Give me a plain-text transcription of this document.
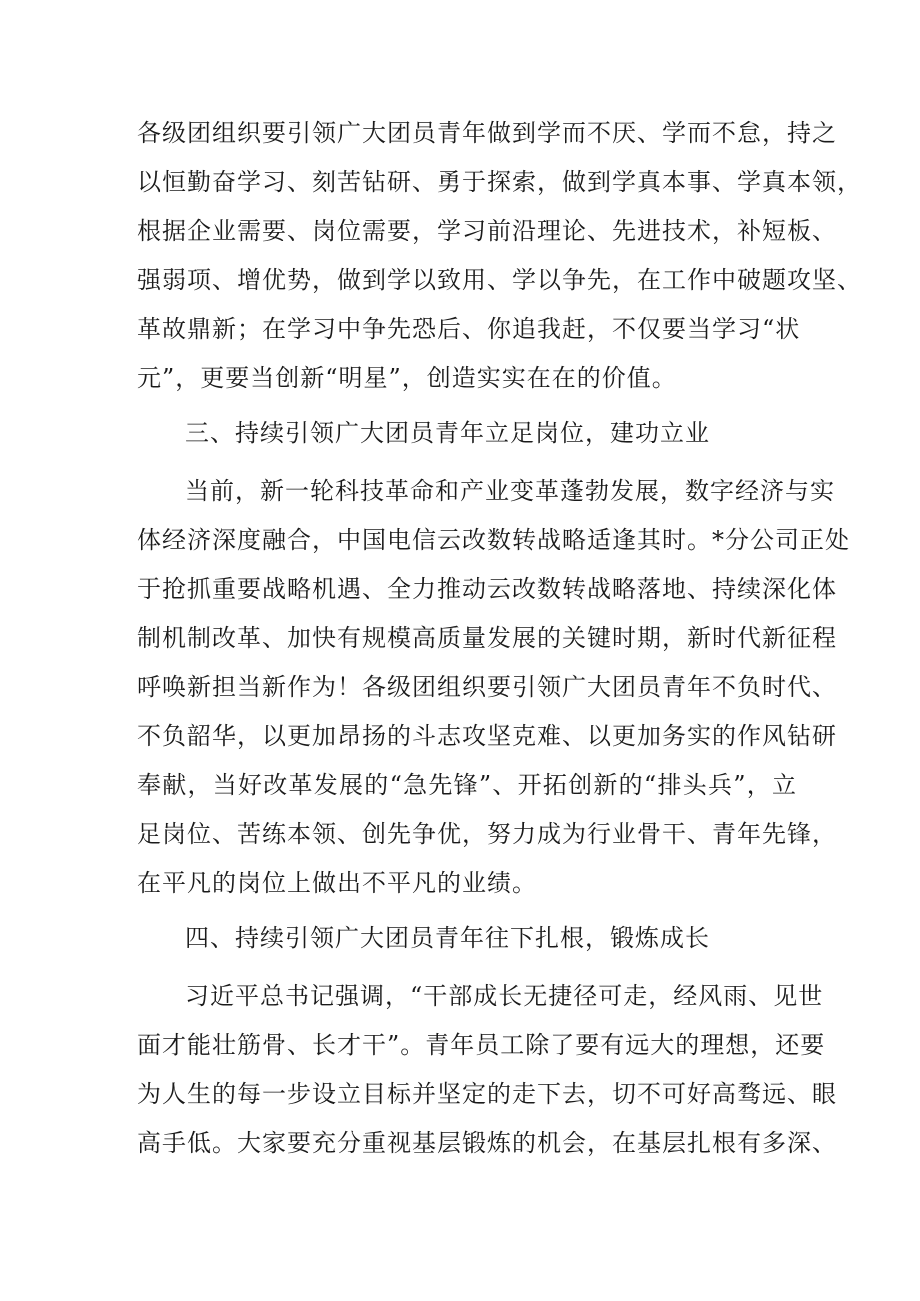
各级团组织要引领广大团员青年做到学而不厌、学而不怠，持之

以恒勤奋学习、刻苦钻研、勇于探索，做到学真本事、学真本领，

根据企业需要、岗位需要，学习前沿理论、先进技术，补短板、

强弱项、增优势，做到学以致用、学以争先，在工作中破题攻坚、

革故鼎新；在学习中争先恐后、你追我赶，不仅要当学习“状

元”，更要当创新“明星”，创造实实在在的价值。

三、持续引领广大团员青年立足岗位，建功立业

当前，新一轮科技革命和产业变革蓬勃发展，数字经济与实

体经济深度融合，中国电信云改数转战略适逢其时。*分公司正处

于抢抓重要战略机遇、全力推动云改数转战略落地、持续深化体

制机制改革、加快有规模高质量发展的关键时期，新时代新征程

呼唤新担当新作为！各级团组织要引领广大团员青年不负时代、

不负韶华，以更加昂扬的斗志攻坚克难、以更加务实的作风钻研

奉献，当好改革发展的“急先锋”、开拓创新的“排头兵”，立

足岗位、苦练本领、创先争优，努力成为行业骨干、青年先锋，

在平凡的岗位上做出不平凡的业绩。

四、持续引领广大团员青年往下扎根，锻炼成长

习近平总书记强调，“干部成长无捷径可走，经风雨、见世

面才能壮筋骨、长才干”。青年员工除了要有远大的理想，还要

为人生的每一步设立目标并坚定的走下去，切不可好高骛远、眼

高手低。大家要充分重视基层锻炼的机会，在基层扎根有多深、
